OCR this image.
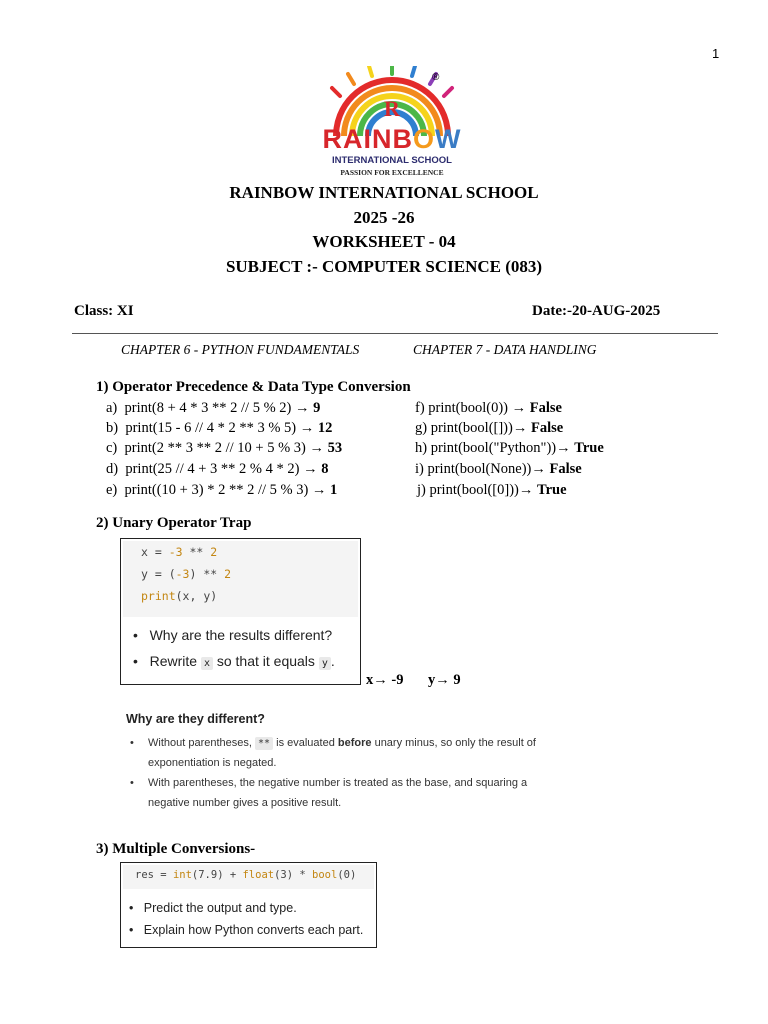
1
R
®
RAINBOW
INTERNATIONAL SCHOOL
PASSION FOR EXCELLENCE
RAINBOW INTERNATIONAL SCHOOL
2025 -26
WORKSHEET - 04
SUBJECT :- COMPUTER SCIENCE (083)
Class: XI	Date:-20-AUG-2025
CHAPTER 6 - PYTHON FUNDAMENTALS	CHAPTER 7 - DATA HANDLING
1) Operator Precedence & Data Type Conversion
a) print(8 + 4 * 3 ** 2 // 5 % 2) → 9
b) print(15 - 6 // 4 * 2 ** 3 % 5) → 12
c) print(2 ** 3 ** 2 // 10 + 5 % 3) → 53
d) print(25 // 4 + 3 ** 2 % 4 * 2) → 8
e) print((10 + 3) * 2 ** 2 // 5 % 3) → 1
f) print(bool(0)) → False
g) print(bool([]))→ False
h) print(bool("Python"))→ True
i) print(bool(None))→ False
j) print(bool([0]))→ True
2) Unary Operator Trap
x = -3 ** 2
y = (-3) ** 2
print(x, y)
•   Why are the results different?
•   Rewrite x so that it equals y .
x→ -9 y→ 9
Why are they different?
• Without parentheses, ** is evaluated before unary minus, so only the result of
exponentiation is negated.
• With parentheses, the negative number is treated as the base, and squaring a
negative number gives a positive result.
3) Multiple Conversions-
res = int(7.9) + float(3) * bool(0)
•   Predict the output and type.
•   Explain how Python converts each part.
